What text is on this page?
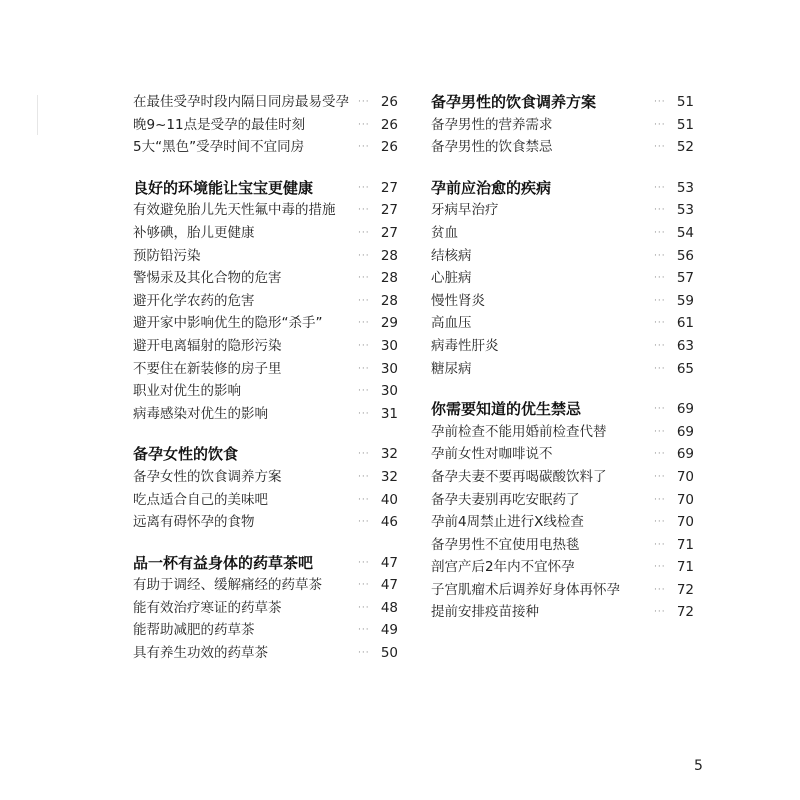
在最佳受孕时段内隔日同房最易受孕	··· 26
晚9~11点是受孕的最佳时刻	··· 26
5大“黑色”受孕时间不宜同房	··· 26
良好的环境能让宝宝更健康	··· 27
有效避免胎儿先天性氟中毒的措施	··· 27
补够碘，胎儿更健康	··· 27
预防铅污染	··· 28
警惕汞及其化合物的危害	··· 28
避开化学农药的危害	··· 28
避开家中影响优生的隐形“杀手”	··· 29
避开电离辐射的隐形污染	··· 30
不要住在新装修的房子里	··· 30
职业对优生的影响	··· 30
病毒感染对优生的影响	··· 31
备孕女性的饮食	··· 32
备孕女性的饮食调养方案	··· 32
吃点适合自己的美味吧	··· 40
远离有碍怀孕的食物	··· 46
品一杯有益身体的药草茶吧	··· 47
有助于调经、缓解痛经的药草茶	··· 47
能有效治疗寒证的药草茶	··· 48
能帮助减肥的药草茶	··· 49
具有养生功效的药草茶	··· 50
备孕男性的饮食调养方案	··· 51
备孕男性的营养需求	··· 51
备孕男性的饮食禁忌	··· 52
孕前应治愈的疾病	··· 53
牙病早治疗	··· 53
贫血	··· 54
结核病	··· 56
心脏病	··· 57
慢性肾炎	··· 59
高血压	··· 61
病毒性肝炎	··· 63
糖尿病	··· 65
你需要知道的优生禁忌	··· 69
孕前检查不能用婚前检查代替	··· 69
孕前女性对咖啡说不	··· 69
备孕夫妻不要再喝碳酸饮料了	··· 70
备孕夫妻别再吃安眠药了	··· 70
孕前4周禁止进行X线检查	··· 70
备孕男性不宜使用电热毯	··· 71
剖宫产后2年内不宜怀孕	··· 71
子宫肌瘤术后调养好身体再怀孕	··· 72
提前安排疫苗接种	··· 72
5
